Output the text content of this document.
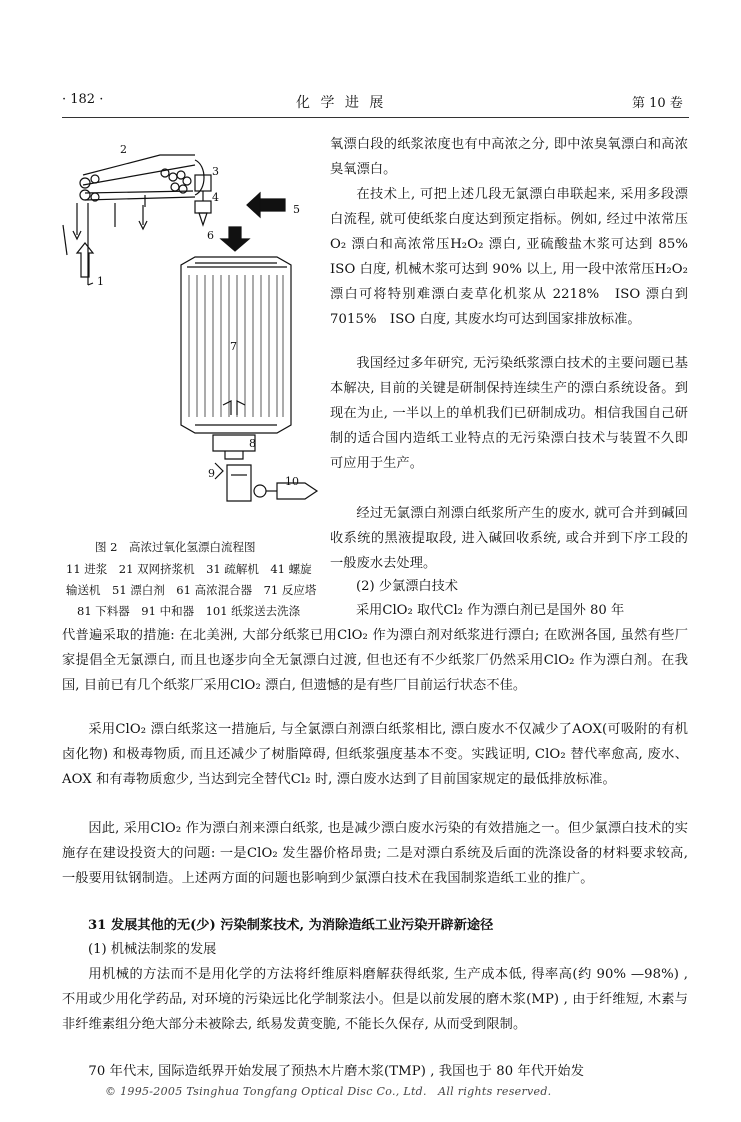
· 182 ·	化 学 进 展	第 10 卷
2
3
4
5
6
7
8
9
10
1
图 2　高浓过氧化氢漂白流程图
11 进浆　21 双网挤浆机　31 疏解机　41 螺旋
输送机　51 漂白剂　61 高浓混合器　71 反应塔
81 下料器　91 中和器　101 纸浆送去洗涤

氧漂白段的纸浆浓度也有中高浓之分, 即中浓臭氧漂白和高浓臭氧漂白。

在技术上, 可把上述几段无氯漂白串联起来, 采用多段漂白流程, 就可使纸浆白度达到预定指标。例如, 经过中浓常压O₂ 漂白和高浓常压H₂O₂ 漂白, 亚硫酸盐木浆可达到 85%　ISO 白度, 机械木浆可达到 90% 以上, 用一段中浓常压H₂O₂ 漂白可将特别难漂白麦草化机浆从 2218%　ISO 漂白到 7015%　ISO 白度, 其废水均可达到国家排放标准。

我国经过多年研究, 无污染纸浆漂白技术的主要问题已基本解决, 目前的关键是研制保持连续生产的漂白系统设备。到现在为止, 一半以上的单机我们已研制成功。相信我国自己研制的适合国内造纸工业特点的无污染漂白技术与装置不久即可应用于生产。

经过无氯漂白剂漂白纸浆所产生的废水, 就可合并到碱回收系统的黑液提取段, 进入碱回收系统, 或合并到下序工段的一般废水去处理。

(2) 少氯漂白技术
采用ClO₂ 取代Cl₂ 作为漂白剂已是国外 80 年

代普遍采取的措施: 在北美洲, 大部分纸浆已用ClO₂ 作为漂白剂对纸浆进行漂白; 在欧洲各国, 虽然有些厂家提倡全无氯漂白, 而且也逐步向全无氯漂白过渡, 但也还有不少纸浆厂仍然采用ClO₂ 作为漂白剂。在我国, 目前已有几个纸浆厂采用ClO₂ 漂白, 但遗憾的是有些厂目前运行状态不佳。

采用ClO₂ 漂白纸浆这一措施后, 与全氯漂白剂漂白纸浆相比, 漂白废水不仅减少了AOX(可吸附的有机卤化物) 和极毒物质, 而且还减少了树脂障碍, 但纸浆强度基本不变。实践证明, ClO₂ 替代率愈高, 废水、AOX 和有毒物质愈少, 当达到完全替代Cl₂ 时, 漂白废水达到了目前国家规定的最低排放标准。

因此, 采用ClO₂ 作为漂白剂来漂白纸浆, 也是减少漂白废水污染的有效措施之一。但少氯漂白技术的实施存在建设投资大的问题: 一是ClO₂ 发生器价格昂贵; 二是对漂白系统及后面的洗涤设备的材料要求较高, 一般要用钛钢制造。上述两方面的问题也影响到少氯漂白技术在我国制浆造纸工业的推广。

31 发展其他的无(少) 污染制浆技术, 为消除造纸工业污染开辟新途径
(1) 机械法制浆的发展

用机械的方法而不是用化学的方法将纤维原料磨解获得纸浆, 生产成本低, 得率高(约 90% —98%) , 不用或少用化学药品, 对环境的污染远比化学制浆法小。但是以前发展的磨木浆(MP) , 由于纤维短, 木素与非纤维素组分绝大部分未被除去, 纸易发黄变脆, 不能长久保存, 从而受到限制。

70 年代末, 国际造纸界开始发展了预热木片磨木浆(TMP) , 我国也于 80 年代开始发

© 1995-2005 Tsinghua Tongfang Optical Disc Co., Ltd.　All rights reserved.
